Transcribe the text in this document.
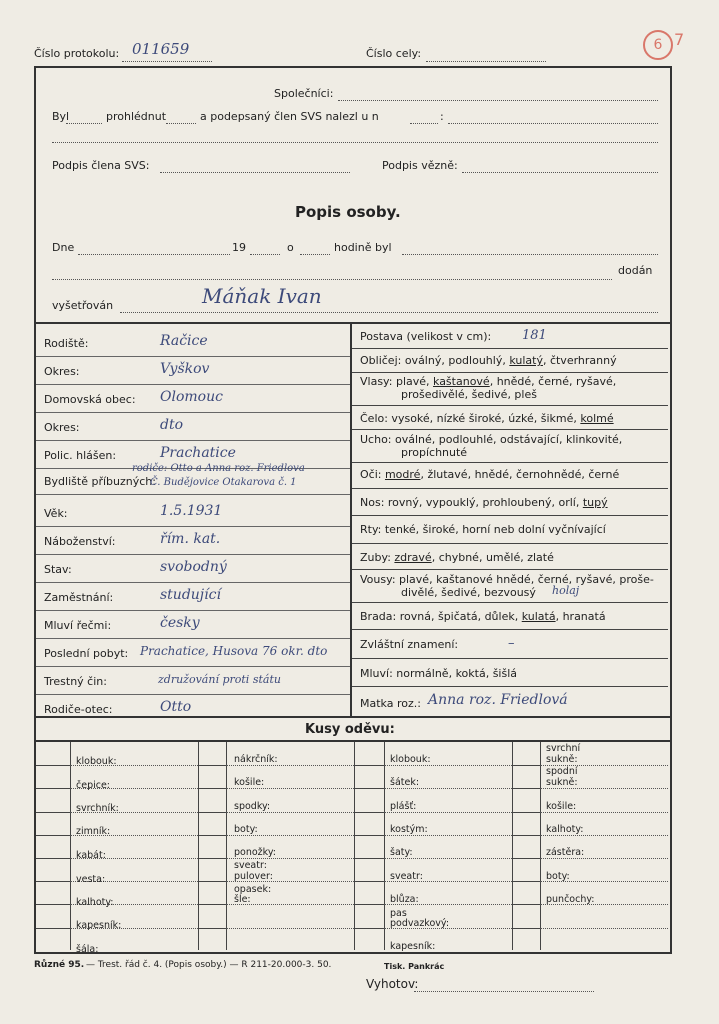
Číslo protokolu: 011659	Číslo cely:
6 7
Společníci:
Byl	prohlédnut	a podepsaný člen SVS nalezl u n	:
Podpis člena SVS:	Podpis vězně:
Popis osoby.
Dne	19	o	hodině byl
dodán
vyšetřován	Máňak Ivan
Rodiště:	Račice
Okres:	Vyškov
Domovská obec: Olomouc
Okres:	dto
Polic. hlášen:	Prachatice
Bydliště příbuzných:
Č. Budějovice Otakarova č. 1
rodiče: Otto a Anna roz. Friedlova
Věk:	1.5.1931
Náboženství:	řím. kat.
Stav:	svobodný
Zaměstnání:	studující
Mluví řečmi:	česky
Poslední pobyt: Prachatice, Husova 76 okr. dto
Trestný čin:	združování proti státu
Rodiče-otec:	Otto
Postava (velikost v cm): 181
Obličej: oválný, podlouhlý, kulatý, čtverhranný
Vlasy: plavé, kaštanové, hnědé, černé, ryšavé,
prošedivělé, šedivé, pleš
Čelo: vysoké, nízké široké, úzké, šikmé, kolmé
Ucho: oválné, podlouhlé, odstávající, klinkovité,
propíchnuté
Oči: modré, žlutavé, hnědé, černohnědé, černé
Nos: rovný, vypouklý, prohloubený, orlí, tupý
Rty: tenké, široké, horní neb dolní vyčnívající
Zuby: zdravé, chybné, umělé, zlaté
Vousy: plavé, kaštanové hnědé, černé, ryšavé, proše-
divělé, šedivé, bezvousý holaj
Brada: rovná, špičatá, důlek, kulatá, hranatá
Zvláštní znamení:	–
Mluví: normálně, koktá, šišlá
Matka roz.: Anna roz. Friedlová
Kusy oděvu:
klobouk:
čepice:
svrchník:
zimník:
kabát:
vesta:
kalhoty:
kapesník:
šála:
nákrčník:
košile:
spodky:
boty:
ponožky:
sveatr:
pulover:
opasek:
šle:
klobouk:
šátek:
plášť:
kostým:
šaty:
sveatr:
blůza:
pas
podvazkový:
kapesník:
svrchní
sukně:
spodní
sukně:
košile:
kalhoty:
zástěra:
boty:
punčochy:
Různé 95. — Trest. řád č. 4. (Popis osoby.) — R 211-20.000-3. 50.	Tisk. Pankrác
Vyhotov:
